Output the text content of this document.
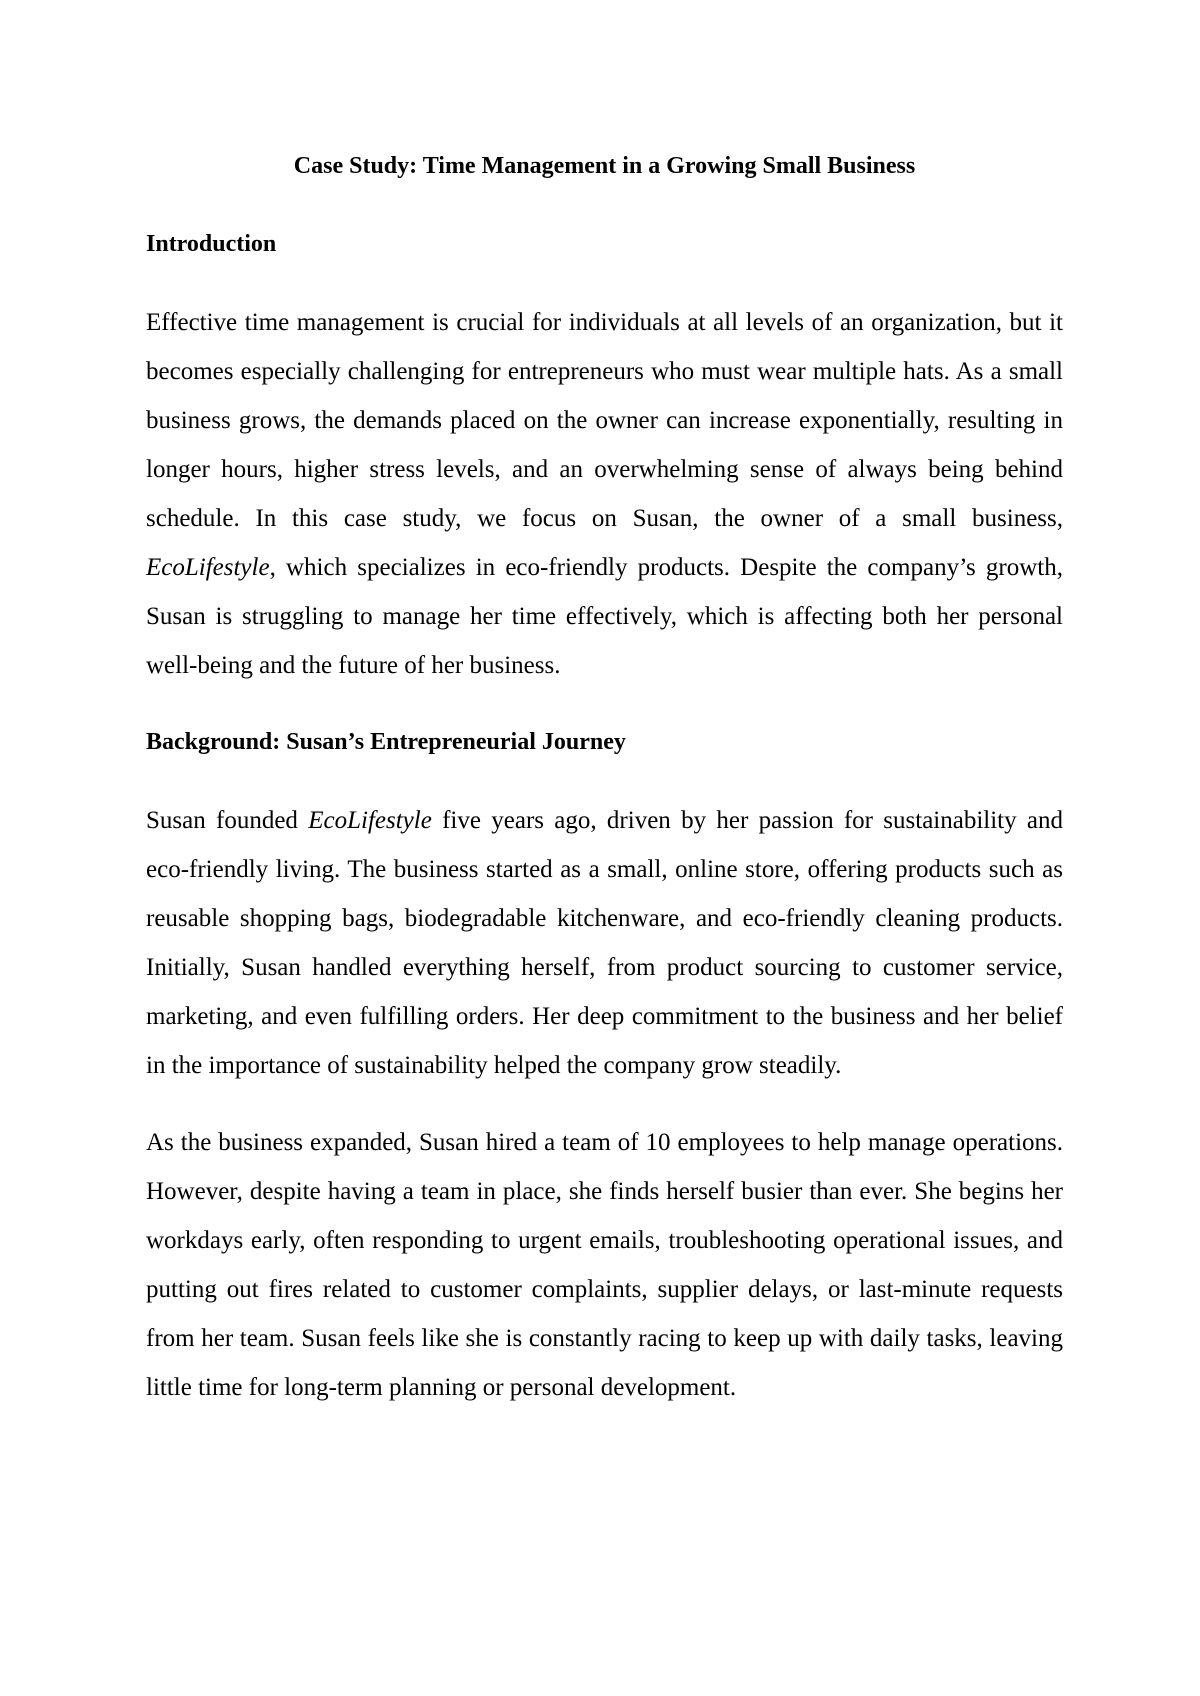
Case Study: Time Management in a Growing Small Business
Introduction

Effective time management is crucial for individuals at all levels of an organization, but it becomes especially challenging for entrepreneurs who must wear multiple hats. As a small business grows, the demands placed on the owner can increase exponentially, resulting in longer hours, higher stress levels, and an overwhelming sense of always being behind schedule. In this case study, we focus on Susan, the owner of a small business, EcoLifestyle, which specializes in eco-friendly products. Despite the company’s growth, Susan is struggling to manage her time effectively, which is affecting both her personal well-being and the future of her business.

Background: Susan’s Entrepreneurial Journey

Susan founded EcoLifestyle five years ago, driven by her passion for sustainability and eco-friendly living. The business started as a small, online store, offering products such as reusable shopping bags, biodegradable kitchenware, and eco-friendly cleaning products. Initially, Susan handled everything herself, from product sourcing to customer service, marketing, and even fulfilling orders. Her deep commitment to the business and her belief in the importance of sustainability helped the company grow steadily.

As the business expanded, Susan hired a team of 10 employees to help manage operations. However, despite having a team in place, she finds herself busier than ever. She begins her workdays early, often responding to urgent emails, troubleshooting operational issues, and putting out fires related to customer complaints, supplier delays, or last-minute requests from her team. Susan feels like she is constantly racing to keep up with daily tasks, leaving little time for long-term planning or personal development.
